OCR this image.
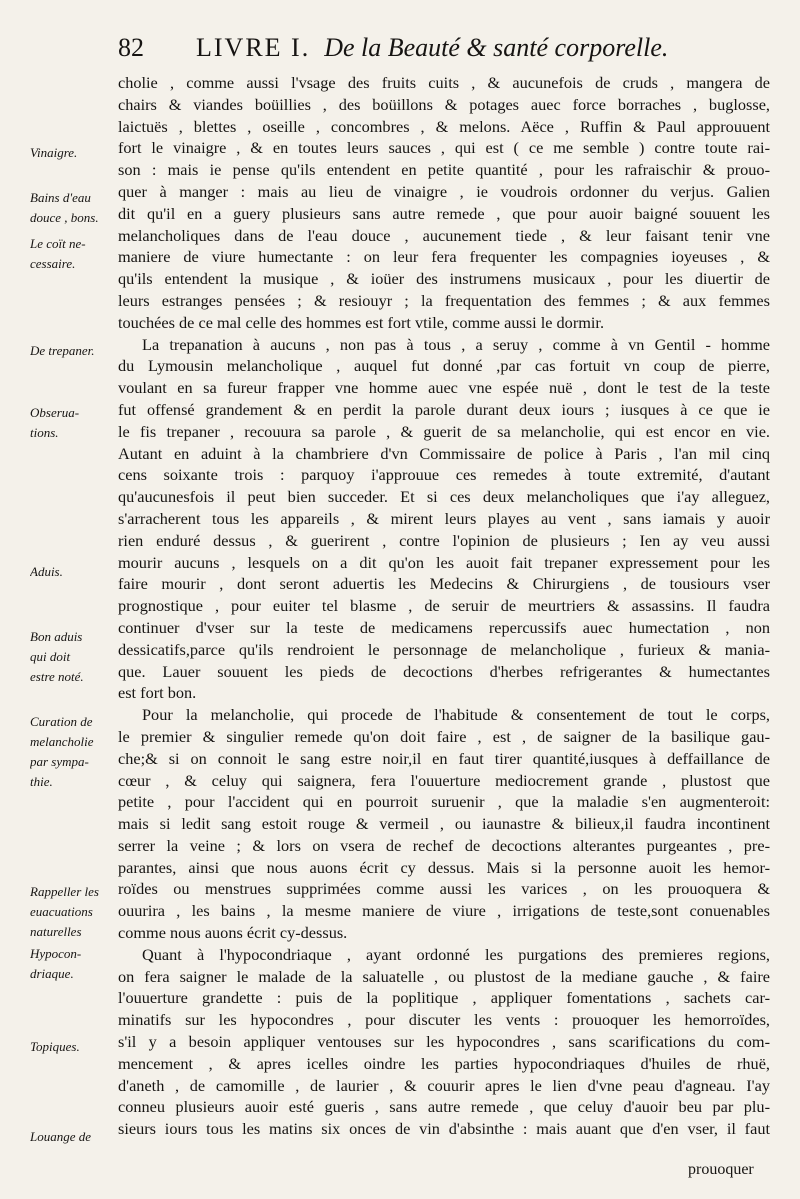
82 LIVRE I. De la Beauté & santé corporelle.
Vinaigre.
Bains d'eau
douce , bons.
Le coït ne-
cessaire.
De trepaner.
Obserua-
tions.
Aduis.
Bon aduis
qui doit
estre noté.
Curation de
melancholie
par sympa-
thie.
Rappeller les
euacuations
naturelles
Hypocon-
driaque.
Topiques.
Louange de
cholie , comme aussi l'vsage des fruits cuits , & aucunefois de cruds , mangera de
chairs & viandes boüillies , des boüillons & potages auec force borraches , buglosse,
laictuës , blettes , oseille , concombres , & melons. Aëce , Ruffin & Paul approuuent
fort le vinaigre , & en toutes leurs sauces , qui est ( ce me semble ) contre toute rai-
son : mais ie pense qu'ils entendent en petite quantité , pour les rafraischir & prouo-
quer à manger : mais au lieu de vinaigre , ie voudrois ordonner du verjus. Galien
dit qu'il en a guery plusieurs sans autre remede , que pour auoir baigné souuent les
melancholiques dans de l'eau douce , aucunement tiede , & leur faisant tenir vne
maniere de viure humectante : on leur fera frequenter les compagnies ioyeuses , &
qu'ils entendent la musique , & ioüer des instrumens musicaux , pour les diuertir de
leurs estranges pensées ; & resiouyr ; la frequentation des femmes ; & aux femmes
touchées de ce mal celle des hommes est fort vtile, comme aussi le dormir.
La trepanation à aucuns , non pas à tous , a seruy , comme à vn Gentil - homme
du Lymousin melancholique , auquel fut donné ,par cas fortuit vn coup de pierre,
voulant en sa fureur frapper vne homme auec vne espée nuë , dont le test de la teste
fut offensé grandement & en perdit la parole durant deux iours ; iusques à ce que ie
le fis trepaner , recouura sa parole , & guerit de sa melancholie, qui est encor en vie.
Autant en aduint à la chambriere d'vn Commissaire de police à Paris , l'an mil cinq
cens soixante trois : parquoy i'approuue ces remedes à toute extremité, d'autant
qu'aucunesfois il peut bien succeder. Et si ces deux melancholiques que i'ay alleguez,
s'arracherent tous les appareils , & mirent leurs playes au vent , sans iamais y auoir
rien enduré dessus , & guerirent , contre l'opinion de plusieurs ; Ien ay veu aussi
mourir aucuns , lesquels on a dit qu'on les auoit fait trepaner expressement pour les
faire mourir , dont seront aduertis les Medecins & Chirurgiens , de tousiours vser
prognostique , pour euiter tel blasme , de seruir de meurtriers & assassins. Il faudra
continuer d'vser sur la teste de medicamens repercussifs auec humectation , non
dessicatifs,parce qu'ils rendroient le personnage de melancholique , furieux & mania-
que. Lauer souuent les pieds de decoctions d'herbes refrigerantes & humectantes
est fort bon.
Pour la melancholie, qui procede de l'habitude & consentement de tout le corps,
le premier & singulier remede qu'on doit faire , est , de saigner de la basilique gau-
che;& si on connoit le sang estre noir,il en faut tirer quantité,iusques à deffaillance de
cœur , & celuy qui saignera, fera l'ouuerture mediocrement grande , plustost que
petite , pour l'accident qui en pourroit suruenir , que la maladie s'en augmenteroit:
mais si ledit sang estoit rouge & vermeil , ou iaunastre & bilieux,il faudra incontinent
serrer la veine ; & lors on vsera de rechef de decoctions alterantes purgeantes , pre-
parantes, ainsi que nous auons écrit cy dessus. Mais si la personne auoit les hemor-
roïdes ou menstrues supprimées comme aussi les varices , on les prouoquera &
ouurira , les bains , la mesme maniere de viure , irrigations de teste,sont conuenables
comme nous auons écrit cy-dessus.
Quant à l'hypocondriaque , ayant ordonné les purgations des premieres regions,
on fera saigner le malade de la saluatelle , ou plustost de la mediane gauche , & faire
l'ouuerture grandette : puis de la poplitique , appliquer fomentations , sachets car-
minatifs sur les hypocondres , pour discuter les vents : prouoquer les hemorroïdes,
s'il y a besoin appliquer ventouses sur les hypocondres , sans scarifications du com-
mencement , & apres icelles oindre les parties hypocondriaques d'huiles de rhuë,
d'aneth , de camomille , de laurier , & couurir apres le lien d'vne peau d'agneau. I'ay
conneu plusieurs auoir esté gueris , sans autre remede , que celuy d'auoir beu par plu-
sieurs iours tous les matins six onces de vin d'absinthe : mais auant que d'en vser, il faut
prouoquer
